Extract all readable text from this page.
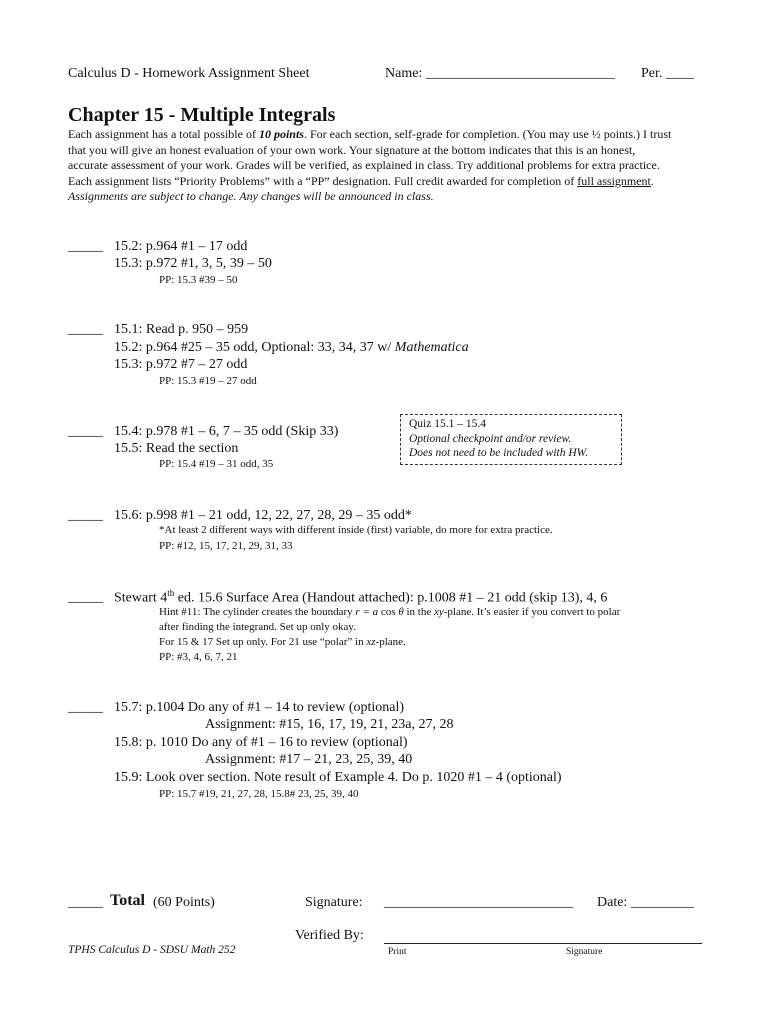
Calculus D - Homework Assignment Sheet	Name: ___________________________ Per. ____
Chapter 15 - Multiple Integrals

Each assignment has a total possible of 10 points. For each section, self-grade for completion. (You may use ½ points.) I trust

that you will give an honest evaluation of your own work. Your signature at the bottom indicates that this is an honest,

accurate assessment of your work. Grades will be verified, as explained in class. Try additional problems for extra practice.

Each assignment lists “Priority Problems” with a “PP” designation. Full credit awarded for completion of full assignment.

Assignments are subject to change. Any changes will be announced in class.

_____ 15.2: p.964 #1 – 17 odd
15.3: p.972 #1, 3, 5, 39 – 50
PP: 15.3 #39 – 50
_____ 15.1: Read p. 950 – 959
15.2: p.964 #25 – 35 odd, Optional: 33, 34, 37 w/ Mathematica
15.3: p.972 #7 – 27 odd
PP: 15.3 #19 – 27 odd
_____ 15.4: p.978 #1 – 6, 7 – 35 odd (Skip 33)
15.5: Read the section
PP: 15.4 #19 – 31 odd, 35
Quiz 15.1 – 15.4
Optional checkpoint and/or review.
Does not need to be included with HW.
_____ 15.6: p.998 #1 – 21 odd, 12, 22, 27, 28, 29 – 35 odd*
*At least 2 different ways with different inside (first) variable, do more for extra practice.
PP: #12, 15, 17, 21, 29, 31, 33
_____ Stewart 4th ed. 15.6 Surface Area (Handout attached): p.1008 #1 – 21 odd (skip 13), 4, 6
Hint #11: The cylinder creates the boundary r = a cos θ in the xy-plane. It’s easier if you convert to polar
after finding the integrand. Set up only okay.
For 15 & 17 Set up only. For 21 use “polar” in xz-plane.
PP: #3, 4, 6, 7, 21
_____ 15.7: p.1004 Do any of #1 – 14 to review (optional)
Assignment: #15, 16, 17, 19, 21, 23a, 27, 28
15.8: p. 1010 Do any of #1 – 16 to review (optional)
Assignment: #17 – 21, 23, 25, 39, 40
15.9: Look over section. Note result of Example 4. Do p. 1020 #1 – 4 (optional)
PP: 15.7 #19, 21, 27, 28, 15.8# 23, 25, 39, 40
_____ Total (60 Points)	Signature: ___________________________ Date: _________
Verified By:
TPHS Calculus D - SDSU Math 252	Print	Signature
